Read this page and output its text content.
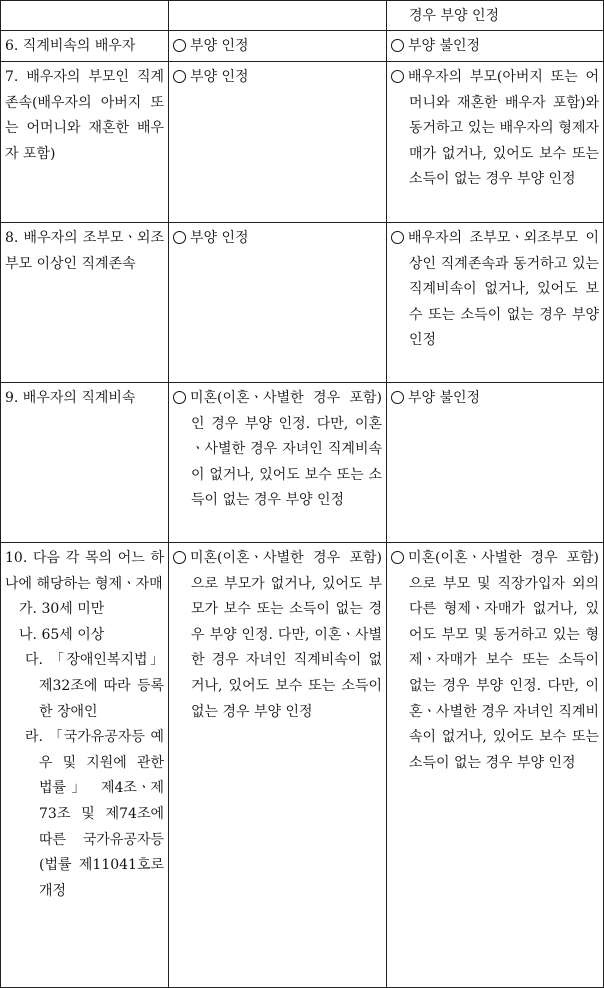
		경우 부양 인정

6. 직계비속의 배우자	부양 인정	부양 불인정

7. 배우자의 부모인 직계존속(배우자의 아버지 또는 어머니와 재혼한 배우자 포함)	부양 인정	배우자의 부모(아버지 또는 어머니와 재혼한 배우자 포함)와 동거하고 있는 배우자의 형제자매가 없거나, 있어도 보수 또는 소득이 없는 경우 부양 인정

8. 배우자의 조부모ㆍ외조부모 이상인 직계존속	부양 인정	배우자의 조부모ㆍ외조부모 이상인 직계존속과 동거하고 있는 직계비속이 없거나, 있어도 보수 또는 소득이 없는 경우 부양 인정

9. 배우자의 직계비속	미혼(이혼ㆍ사별한 경우 포함)인 경우 부양 인정. 다만, 이혼ㆍ사별한 경우 자녀인 직계비속이 없거나, 있어도 보수 또는 소득이 없는 경우 부양 인정	부양 불인정

10. 다음 각 목의 어느 하나에 해당하는 형제ㆍ자매

가. 30세 미만

나. 65세 이상

다. 「장애인복지법」 제32조에 따라 등록한 장애인

라. 「국가유공자등 예우 및 지원에 관한 법률」 제4조ㆍ제73조 및 제74조에 따른 국가유공자등(법률 제11041호로 개정	미혼(이혼ㆍ사별한 경우 포함)으로 부모가 없거나, 있어도 부모가 보수 또는 소득이 없는 경우 부양 인정. 다만, 이혼ㆍ사별한 경우 자녀인 직계비속이 없거나, 있어도 보수 또는 소득이 없는 경우 부양 인정	미혼(이혼ㆍ사별한 경우 포함)으로 부모 및 직장가입자 외의 다른 형제ㆍ자매가 없거나, 있어도 부모 및 동거하고 있는 형제ㆍ자매가 보수 또는 소득이 없는 경우 부양 인정. 다만, 이혼ㆍ사별한 경우 자녀인 직계비속이 없거나, 있어도 보수 또는 소득이 없는 경우 부양 인정
